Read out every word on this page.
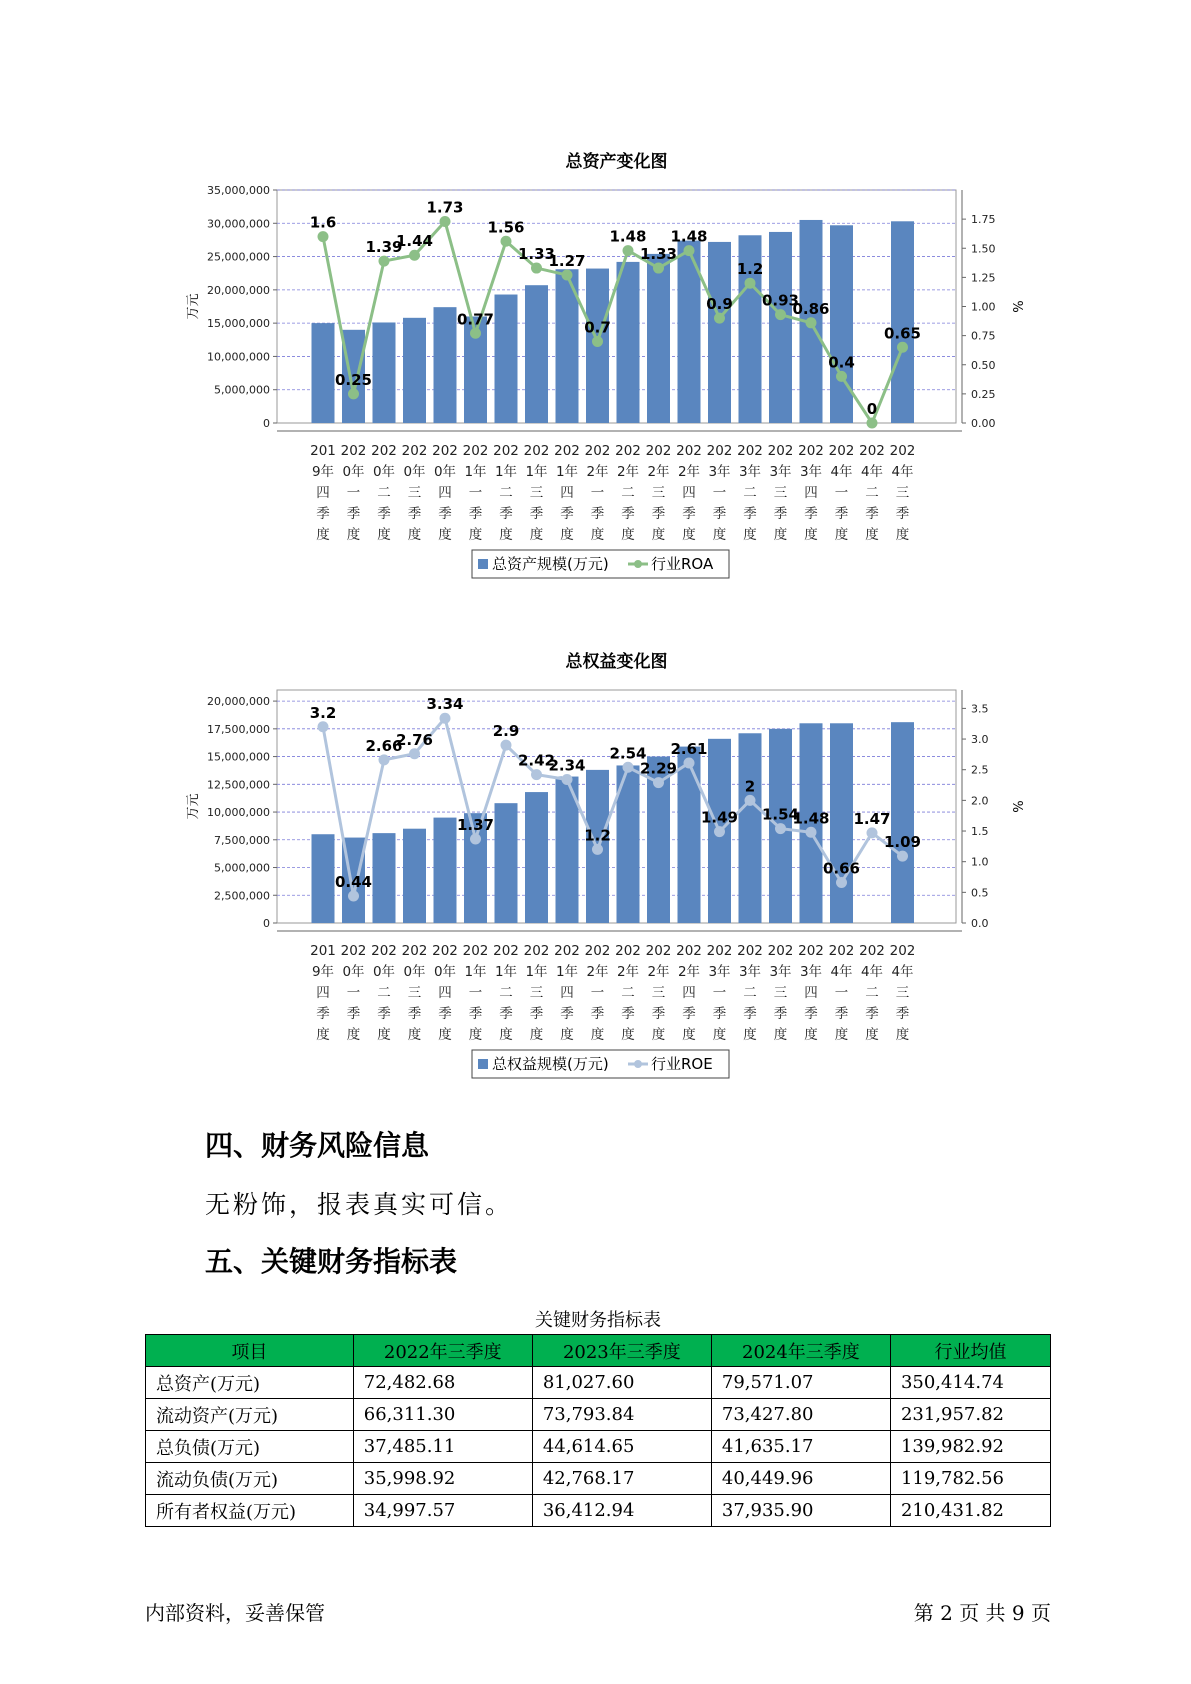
总资产变化图
0
5,000,000
10,000,000
15,000,000
20,000,000
25,000,000
30,000,000
35,000,000
0.00
0.25
0.50
0.75
1.00
1.25
1.50
1.75
万元	%
1.6
0.25
1.39
1.44
1.73
0.77
1.56
1.33
1.27
0.7
1.48
1.33
1.48
0.9
1.2
0.93
0.86
0.4
0
0.65
201 9年四季度
202 0年一季度
202 0年二季度
202 0年三季度
202 0年四季度
202 1年一季度
202 1年二季度
202 1年三季度
202 1年四季度
202 2年一季度
202 2年二季度
202 2年三季度
202 2年四季度
202 3年一季度
202 3年二季度
202 3年三季度
202 3年四季度
202 4年一季度
202 4年二季度
202 4年三季度
总资产规模(万元)	行业ROA
总权益变化图
0
2,500,000
5,000,000
7,500,000
10,000,000
12,500,000
15,000,000
17,500,000
20,000,000
0.0
0.5
1.0
1.5
2.0
2.5
3.0
3.5
万元	%
3.2
0.44
2.66
2.76
3.34
1.37
2.9
2.42
2.34
1.2
2.54
2.29
2.61
1.49
2
1.54
1.48
0.66
1.47
1.09
201 9年四季度
202 0年一季度
202 0年二季度
202 0年三季度
202 0年四季度
202 1年一季度
202 1年二季度
202 1年三季度
202 1年四季度
202 2年一季度
202 2年二季度
202 2年三季度
202 2年四季度
202 3年一季度
202 3年二季度
202 3年三季度
202 3年四季度
202 4年一季度
202 4年二季度
202 4年三季度
总权益规模(万元)	行业ROE
四、财务风险信息

无粉饰，报表真实可信。

五、关键财务指标表
关键财务指标表
项目	2022年三季度	2023年三季度	2024年三季度	行业均值
总资产(万元)	72,482.68	81,027.60	79,571.07	350,414.74
流动资产(万元)	66,311.30	73,793.84	73,427.80	231,957.82
总负债(万元)	37,485.11	44,614.65	41,635.17	139,982.92
流动负债(万元)	35,998.92	42,768.17	40,449.96	119,782.56
所有者权益(万元)	34,997.57	36,412.94	37,935.90	210,431.82
内部资料，妥善保管	第 2 页 共 9 页
